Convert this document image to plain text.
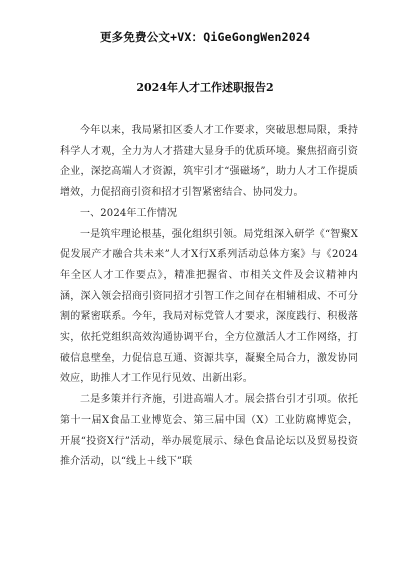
更多免费公文+VX：QiGeGongWen2024
2024年人才工作述职报告2

今年以来，我局紧扣区委人才工作要求，突破思想局限，秉持科学人才观，全力为人才搭建大显身手的优质环境。聚焦招商引资企业，深挖高端人才资源，筑牢引才“强磁场”，助力人才工作提质增效，力促招商引资和招才引智紧密结合、协同发力。

一、2024年工作情况

一是筑牢理论根基，强化组织引领。局党组深入研学《“智聚X促发展产才融合共未来”人才X行X系列活动总体方案》与《2024年全区人才工作要点》，精准把握省、市相关文件及会议精神内涵，深入领会招商引资同招才引智工作之间存在相辅相成、不可分割的紧密联系。今年，我局对标党管人才要求，深度践行、积极落实，依托党组织高效沟通协调平台，全方位激活人才工作网络，打破信息壁垒，力促信息互通、资源共享，凝聚全局合力，激发协同效应，助推人才工作见行见效、出新出彩。

二是多策并行齐施，引进高端人才。展会搭台引才引项。依托第十一届X食品工业博览会、第三届中国（X）工业防腐博览会，开展“投资X行”活动，举办展览展示、绿色食品论坛以及贸易投资推介活动，以“线上＋线下”联
